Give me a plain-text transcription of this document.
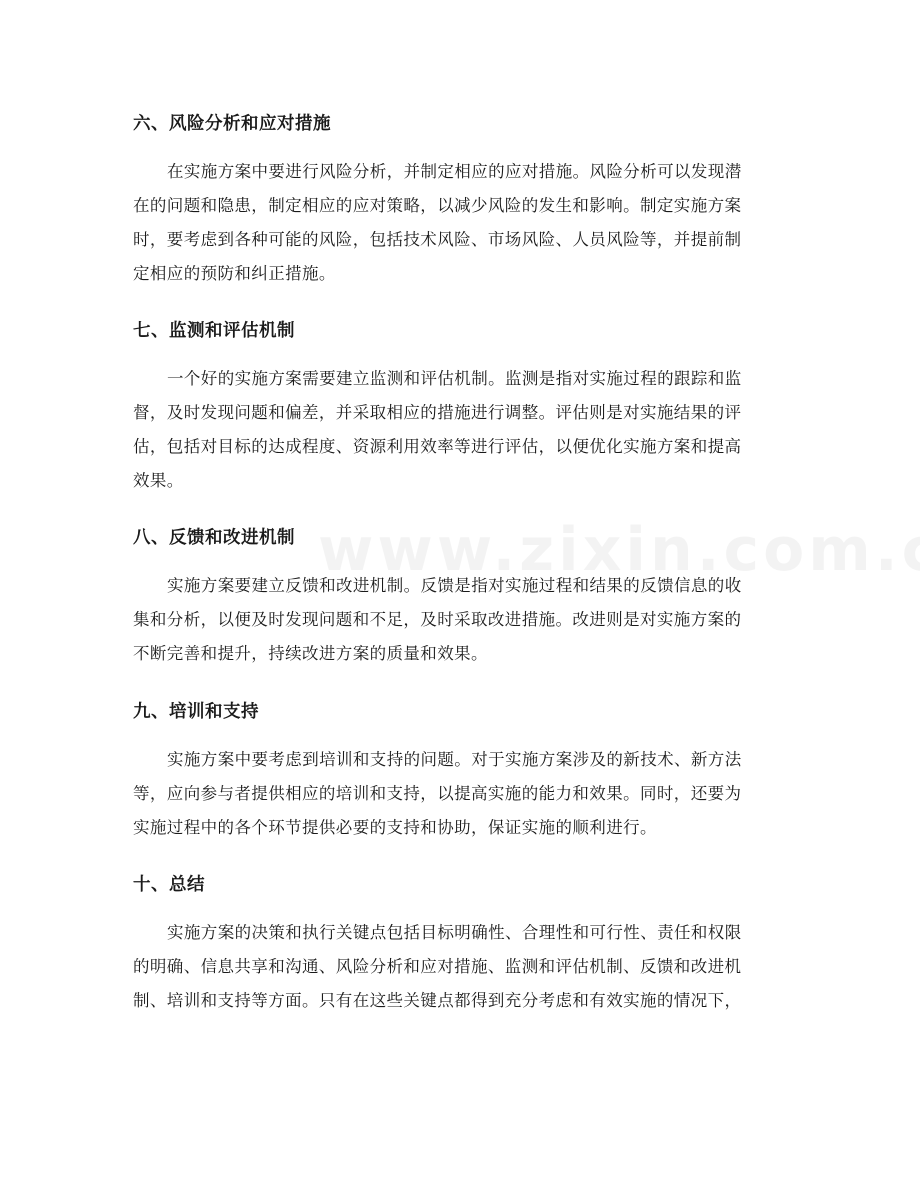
六、风险分析和应对措施
在实施方案中要进行风险分析，并制定相应的应对措施。风险分析可以发现潜
在的问题和隐患，制定相应的应对策略，以减少风险的发生和影响。制定实施方案
时，要考虑到各种可能的风险，包括技术风险、市场风险、人员风险等，并提前制
定相应的预防和纠正措施。
七、监测和评估机制
一个好的实施方案需要建立监测和评估机制。监测是指对实施过程的跟踪和监
督，及时发现问题和偏差，并采取相应的措施进行调整。评估则是对实施结果的评
估，包括对目标的达成程度、资源利用效率等进行评估，以便优化实施方案和提高
效果。
八、反馈和改进机制
实施方案要建立反馈和改进机制。反馈是指对实施过程和结果的反馈信息的收
集和分析，以便及时发现问题和不足，及时采取改进措施。改进则是对实施方案的
不断完善和提升，持续改进方案的质量和效果。
九、培训和支持
实施方案中要考虑到培训和支持的问题。对于实施方案涉及的新技术、新方法
等，应向参与者提供相应的培训和支持，以提高实施的能力和效果。同时，还要为
实施过程中的各个环节提供必要的支持和协助，保证实施的顺利进行。
十、总结
实施方案的决策和执行关键点包括目标明确性、合理性和可行性、责任和权限
的明确、信息共享和沟通、风险分析和应对措施、监测和评估机制、反馈和改进机
制、培训和支持等方面。只有在这些关键点都得到充分考虑和有效实施的情况下，
